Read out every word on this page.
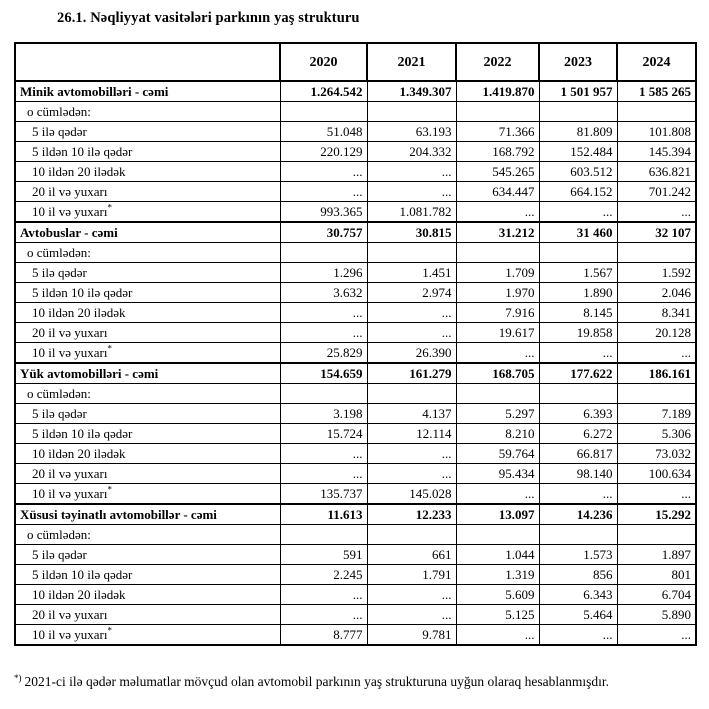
26.1. Nəqliyyat vasitələri parkının yaş strukturu
	2020	2021	2022	2023	2024
Minik avtomobilləri - cəmi	1.264.542	1.349.307	1.419.870	1 501 957	1 585 265
o cümlədən:					
5 ilə qədər	51.048	63.193	71.366	81.809	101.808
5 ildən 10 ilə qədər	220.129	204.332	168.792	152.484	145.394
10 ildən 20 ilədək	...	...	545.265	603.512	636.821
20 il və yuxarı	...	...	634.447	664.152	701.242
10 il və yuxarı*	993.365	1.081.782	...	...	...
Avtobuslar - cəmi	30.757	30.815	31.212	31 460	32 107
o cümlədən:					
5 ilə qədər	1.296	1.451	1.709	1.567	1.592
5 ildən 10 ilə qədər	3.632	2.974	1.970	1.890	2.046
10 ildən 20 ilədək	...	...	7.916	8.145	8.341
20 il və yuxarı	...	...	19.617	19.858	20.128
10 il və yuxarı*	25.829	26.390	...	...	...
Yük avtomobilləri - cəmi	154.659	161.279	168.705	177.622	186.161
o cümlədən:					
5 ilə qədər	3.198	4.137	5.297	6.393	7.189
5 ildən 10 ilə qədər	15.724	12.114	8.210	6.272	5.306
10 ildən 20 ilədək	...	...	59.764	66.817	73.032
20 il və yuxarı	...	...	95.434	98.140	100.634
10 il və yuxarı*	135.737	145.028	...	...	...
Xüsusi təyinatlı avtomobillər - cəmi	11.613	12.233	13.097	14.236	15.292
o cümlədən:					
5 ilə qədər	591	661	1.044	1.573	1.897
5 ildən 10 ilə qədər	2.245	1.791	1.319	856	801
10 ildən 20 ilədək	...	...	5.609	6.343	6.704
20 il və yuxarı	...	...	5.125	5.464	5.890
10 il və yuxarı*	8.777	9.781	...	...	...

*) 2021-ci ilə qədər məlumatlar mövçud olan avtomobil parkının yaş strukturuna uyğun olaraq hesablanmışdır.
